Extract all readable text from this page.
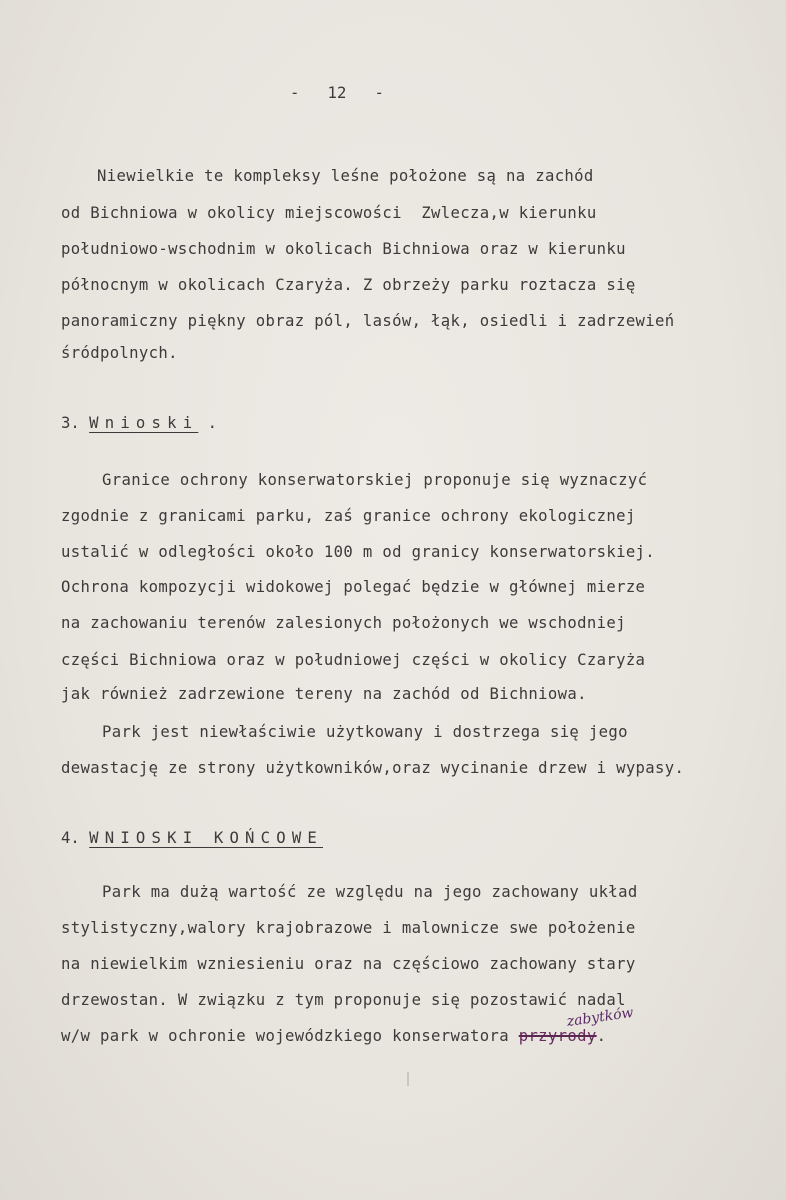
-   12   -
Niewielkie te kompleksy leśne położone są na zachód
od Bichniowa w okolicy miejscowości  Zwlecza,w kierunku
południowo-wschodnim w okolicach Bichniowa oraz w kierunku
północnym w okolicach Czaryża. Z obrzeży parku roztacza się
panoramiczny piękny obraz pól, lasów, łąk, osiedli i zadrzewień
śródpolnych.
3. Wnioski .
Granice ochrony konserwatorskiej proponuje się wyznaczyć
zgodnie z granicami parku, zaś granice ochrony ekologicznej
ustalić w odległości około 100 m od granicy konserwatorskiej.
Ochrona kompozycji widokowej polegać będzie w głównej mierze
na zachowaniu terenów zalesionych położonych we wschodniej
części Bichniowa oraz w południowej części w okolicy Czaryża
jak również zadrzewione tereny na zachód od Bichniowa.
Park jest niewłaściwie użytkowany i dostrzega się jego
dewastację ze strony użytkowników,oraz wycinanie drzew i wypasy.
4. WNIOSKI KOŃCOWE
Park ma dużą wartość ze względu na jego zachowany układ
stylistyczny,walory krajobrazowe i malownicze swe położenie
na niewielkim wzniesieniu oraz na częściowo zachowany stary
drzewostan. W związku z tym proponuje się pozostawić nadal
w/w park w ochronie wojewódzkiego konserwatora przyrody.
zabytków
